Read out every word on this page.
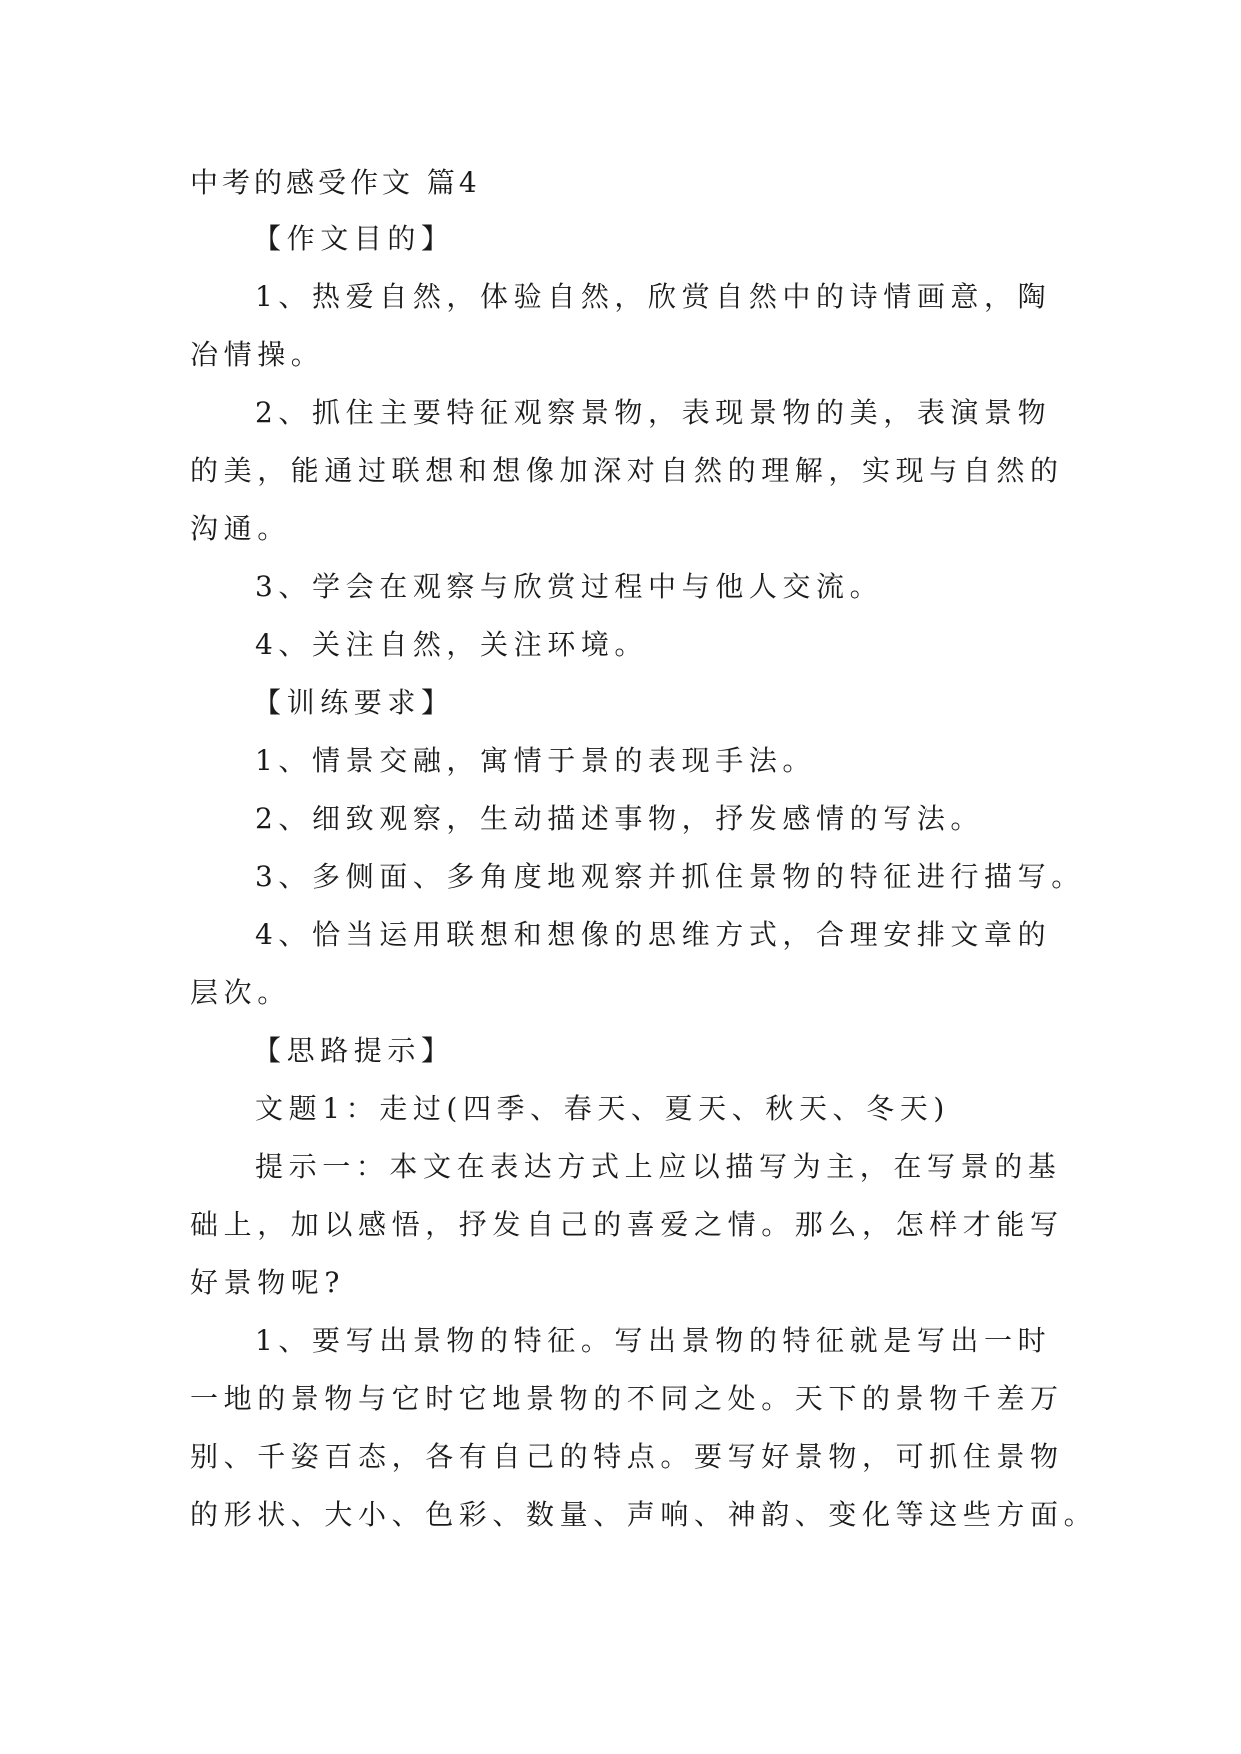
中考的感受作文 篇4
【作文目的】
1、热爱自然，体验自然，欣赏自然中的诗情画意，陶
冶情操。
2、抓住主要特征观察景物，表现景物的美，表演景物
的美，能通过联想和想像加深对自然的理解，实现与自然的
沟通。
3、学会在观察与欣赏过程中与他人交流。
4、关注自然，关注环境。
【训练要求】
1、情景交融，寓情于景的表现手法。
2、细致观察，生动描述事物，抒发感情的写法。
3、多侧面、多角度地观察并抓住景物的特征进行描写。
4、恰当运用联想和想像的思维方式，合理安排文章的
层次。
【思路提示】
文题1：走过(四季、春天、夏天、秋天、冬天)
提示一：本文在表达方式上应以描写为主，在写景的基
础上，加以感悟，抒发自己的喜爱之情。那么，怎样才能写
好景物呢?
1、要写出景物的特征。写出景物的特征就是写出一时
一地的景物与它时它地景物的不同之处。天下的景物千差万
别、千姿百态，各有自己的特点。要写好景物，可抓住景物
的形状、大小、色彩、数量、声响、神韵、变化等这些方面。
